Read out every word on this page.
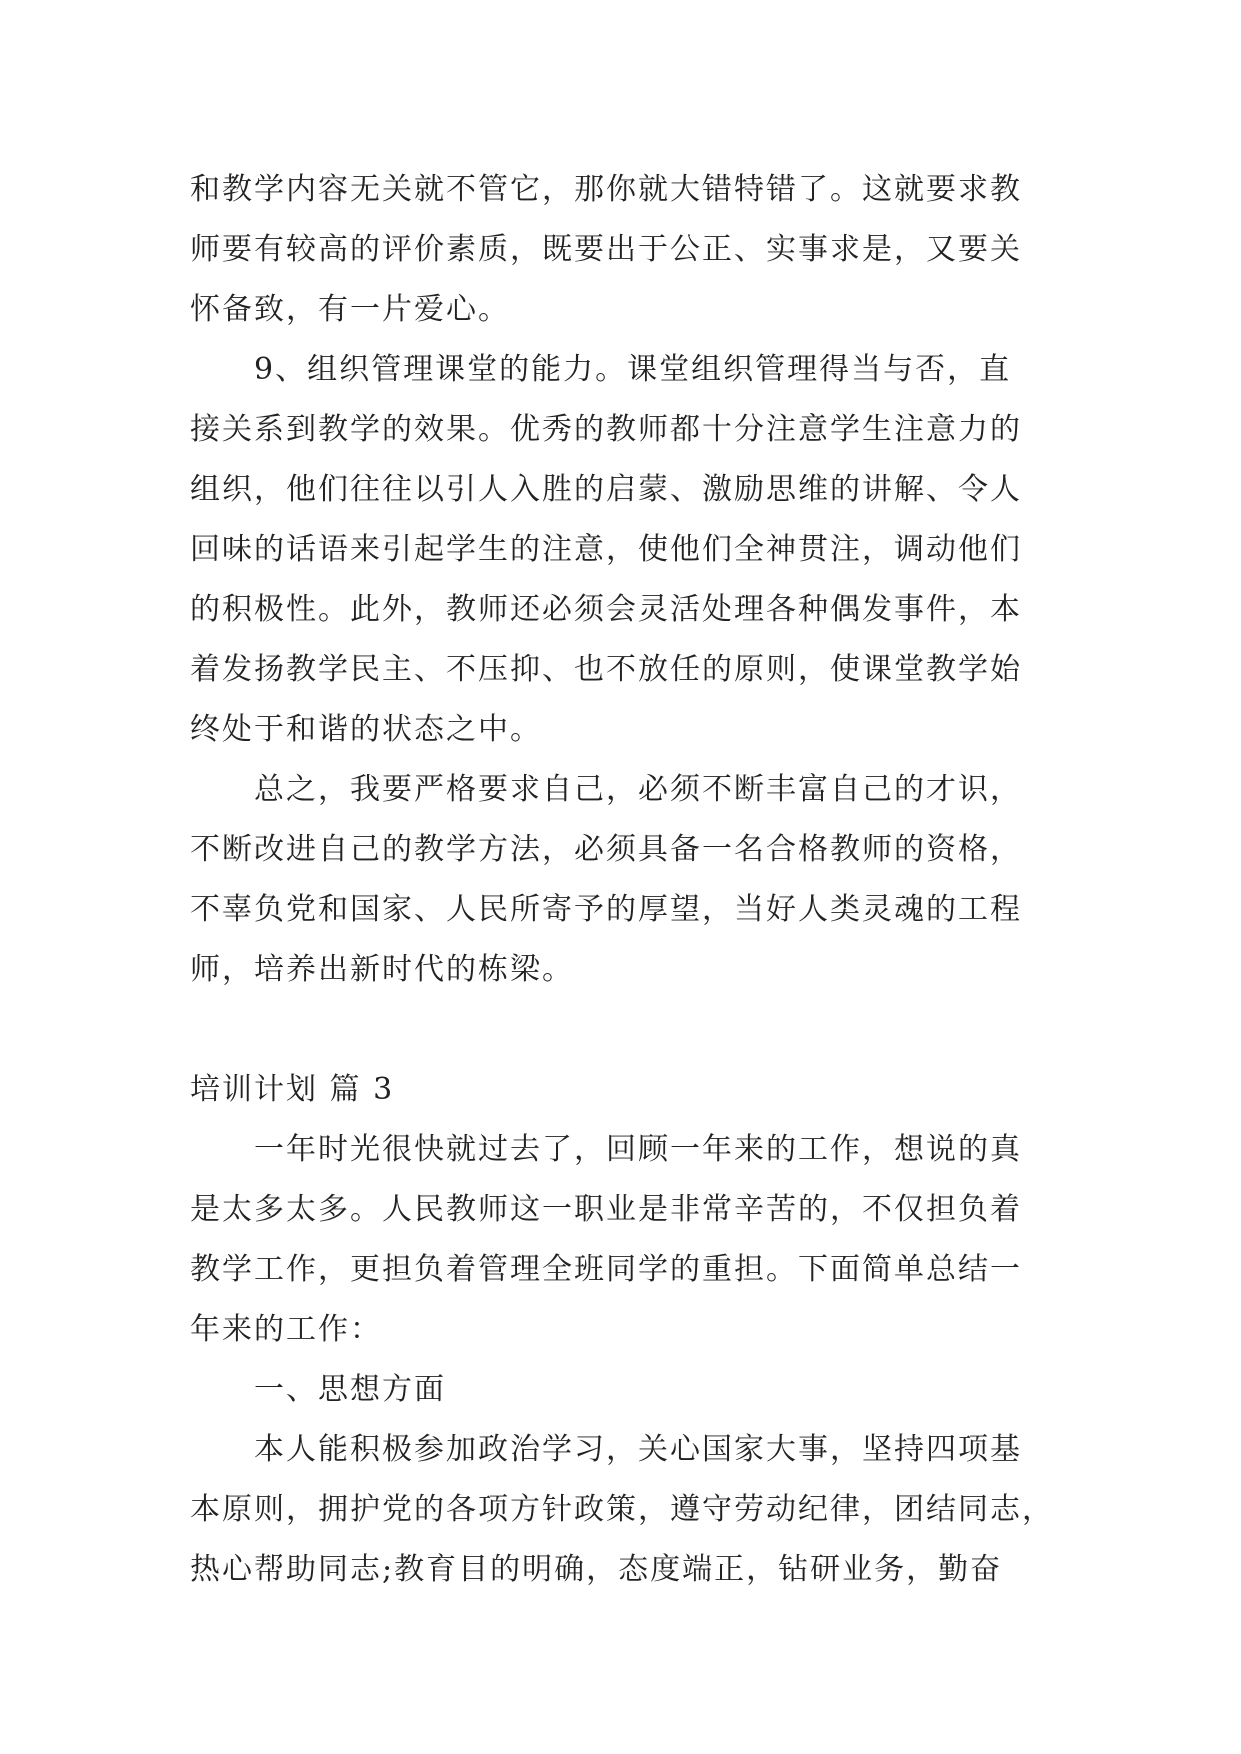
和教学内容无关就不管它，那你就大错特错了。这就要求教
师要有较高的评价素质，既要出于公正、实事求是，又要关
怀备致，有一片爱心。

9、组织管理课堂的能力。课堂组织管理得当与否，直
接关系到教学的效果。优秀的教师都十分注意学生注意力的
组织，他们往往以引人入胜的启蒙、激励思维的讲解、令人
回味的话语来引起学生的注意，使他们全神贯注，调动他们
的积极性。此外，教师还必须会灵活处理各种偶发事件，本
着发扬教学民主、不压抑、也不放任的原则，使课堂教学始
终处于和谐的状态之中。

总之，我要严格要求自己，必须不断丰富自己的才识，
不断改进自己的教学方法，必须具备一名合格教师的资格，
不辜负党和国家、人民所寄予的厚望，当好人类灵魂的工程
师，培养出新时代的栋梁。

培训计划 篇 3

一年时光很快就过去了，回顾一年来的工作，想说的真
是太多太多。人民教师这一职业是非常辛苦的，不仅担负着
教学工作，更担负着管理全班同学的重担。下面简单总结一
年来的工作：

一、思想方面

本人能积极参加政治学习，关心国家大事，坚持四项基
本原则，拥护党的各项方针政策，遵守劳动纪律，团结同志，
热心帮助同志;教育目的明确，态度端正，钻研业务，勤奋
